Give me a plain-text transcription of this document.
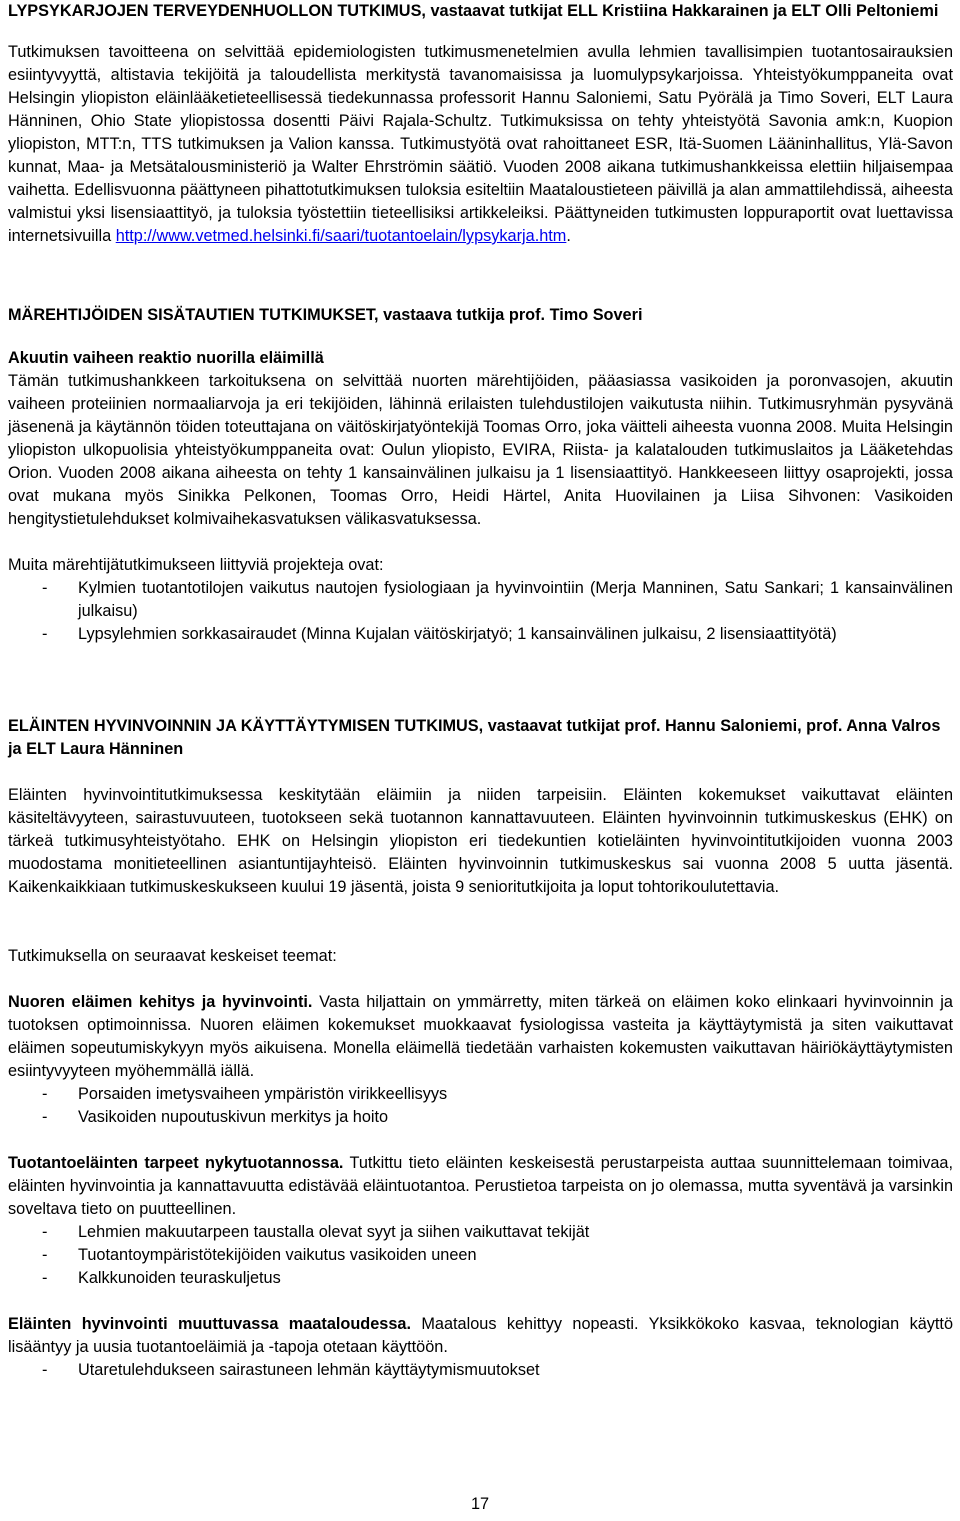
LYPSYKARJOJEN TERVEYDENHUOLLON TUTKIMUS, vastaavat tutkijat ELL Kristiina Hakkarainen ja ELT Olli Peltoniemi

Tutkimuksen tavoitteena on selvittää epidemiologisten tutkimusmenetelmien avulla lehmien tavallisimpien tuotantosairauksien esiintyvyyttä, altistavia tekijöitä ja taloudellista merkitystä tavanomaisissa ja luomulypsykarjoissa. Yhteistyökumppaneita ovat Helsingin yliopiston eläinlääketieteellisessä tiedekunnassa professorit Hannu Saloniemi, Satu Pyörälä ja Timo Soveri, ELT Laura Hänninen, Ohio State yliopistossa dosentti Päivi Rajala-Schultz. Tutkimuksissa on tehty yhteistyötä Savonia amk:n, Kuopion yliopiston, MTT:n, TTS tutkimuksen ja Valion kanssa. Tutkimustyötä ovat rahoittaneet ESR, Itä-Suomen Lääninhallitus, Ylä-Savon kunnat, Maa- ja Metsätalousministeriö ja Walter Ehrströmin säätiö. Vuoden 2008 aikana tutkimushankkeissa elettiin hiljaisempaa vaihetta. Edellisvuonna päättyneen pihattotutkimuksen tuloksia esiteltiin Maataloustieteen päivillä ja alan ammattilehdissä, aiheesta valmistui yksi lisensiaattityö, ja tuloksia työstettiin tieteellisiksi artikkeleiksi. Päättyneiden tutkimusten loppuraportit ovat luettavissa internetsivuilla http://www.vetmed.helsinki.fi/saari/tuotantoelain/lypsykarja.htm.

MÄREHTIJÖIDEN SISÄTAUTIEN TUTKIMUKSET, vastaava tutkija prof. Timo Soveri

Akuutin vaiheen reaktio nuorilla eläimillä

Tämän tutkimushankkeen tarkoituksena on selvittää nuorten märehtijöiden, pääasiassa vasikoiden ja poronvasojen, akuutin vaiheen proteiinien normaaliarvoja ja eri tekijöiden, lähinnä erilaisten tulehdustilojen vaikutusta niihin. Tutkimusryhmän pysyvänä jäsenenä ja käytännön töiden toteuttajana on väitöskirjatyöntekijä Toomas Orro, joka väitteli aiheesta vuonna 2008. Muita Helsingin yliopiston ulkopuolisia yhteistyökumppaneita ovat: Oulun yliopisto, EVIRA, Riista- ja kalatalouden tutkimuslaitos ja Lääketehdas Orion. Vuoden 2008 aikana aiheesta on tehty 1 kansainvälinen julkaisu ja 1 lisensiaattityö. Hankkeeseen liittyy osaprojekti, jossa ovat mukana myös Sinikka Pelkonen, Toomas Orro, Heidi Härtel, Anita Huovilainen ja Liisa Sihvonen: Vasikoiden hengitystietulehdukset kolmivaihekasvatuksen välikasvatuksessa.

Muita märehtijätutkimukseen liittyviä projekteja ovat:

- Kylmien tuotantotilojen vaikutus nautojen fysiologiaan ja hyvinvointiin (Merja Manninen, Satu Sankari; 1 kansainvälinen julkaisu)
- Lypsylehmien sorkkasairaudet (Minna Kujalan väitöskirjatyö; 1 kansainvälinen julkaisu, 2 lisensiaattityötä)

ELÄINTEN HYVINVOINNIN JA KÄYTTÄYTYMISEN TUTKIMUS, vastaavat tutkijat prof. Hannu Saloniemi, prof. Anna Valros ja ELT Laura Hänninen

Eläinten hyvinvointitutkimuksessa keskitytään eläimiin ja niiden tarpeisiin. Eläinten kokemukset vaikuttavat eläinten käsiteltävyyteen, sairastuvuuteen, tuotokseen sekä tuotannon kannattavuuteen. Eläinten hyvinvoinnin tutkimuskeskus (EHK) on tärkeä tutkimusyhteistyötaho. EHK on Helsingin yliopiston eri tiedekuntien kotieläinten hyvinvointitutkijoiden vuonna 2003 muodostama monitieteellinen asiantuntijayhteisö. Eläinten hyvinvoinnin tutkimuskeskus sai vuonna 2008 5 uutta jäsentä. Kaikenkaikkiaan tutkimuskeskukseen kuului 19 jäsentä, joista 9 senioritutkijoita ja loput tohtorikoulutettavia.

Tutkimuksella on seuraavat keskeiset teemat:

Nuoren eläimen kehitys ja hyvinvointi. Vasta hiljattain on ymmärretty, miten tärkeä on eläimen koko elinkaari hyvinvoinnin ja tuotoksen optimoinnissa. Nuoren eläimen kokemukset muokkaavat fysiologissa vasteita ja käyttäytymistä ja siten vaikuttavat eläimen sopeutumiskykyyn myös aikuisena. Monella eläimellä tiedetään varhaisten kokemusten vaikuttavan häiriökäyttäytymisten esiintyvyyteen myöhemmällä iällä.

- Porsaiden imetysvaiheen ympäristön virikkeellisyys
- Vasikoiden nupoutuskivun merkitys ja hoito

Tuotantoeläinten tarpeet nykytuotannossa. Tutkittu tieto eläinten keskeisestä perustarpeista auttaa suunnittelemaan toimivaa, eläinten hyvinvointia ja kannattavuutta edistävää eläintuotantoa. Perustietoa tarpeista on jo olemassa, mutta syventävä ja varsinkin soveltava tieto on puutteellinen.

- Lehmien makuutarpeen taustalla olevat syyt ja siihen vaikuttavat tekijät
- Tuotantoympäristötekijöiden vaikutus vasikoiden uneen
- Kalkkunoiden teuraskuljetus

Eläinten hyvinvointi muuttuvassa maataloudessa. Maatalous kehittyy nopeasti. Yksikkökoko kasvaa, teknologian käyttö lisääntyy ja uusia tuotantoeläimiä ja -tapoja otetaan käyttöön.

- Utaretulehdukseen sairastuneen lehmän käyttäytymismuutokset
17
